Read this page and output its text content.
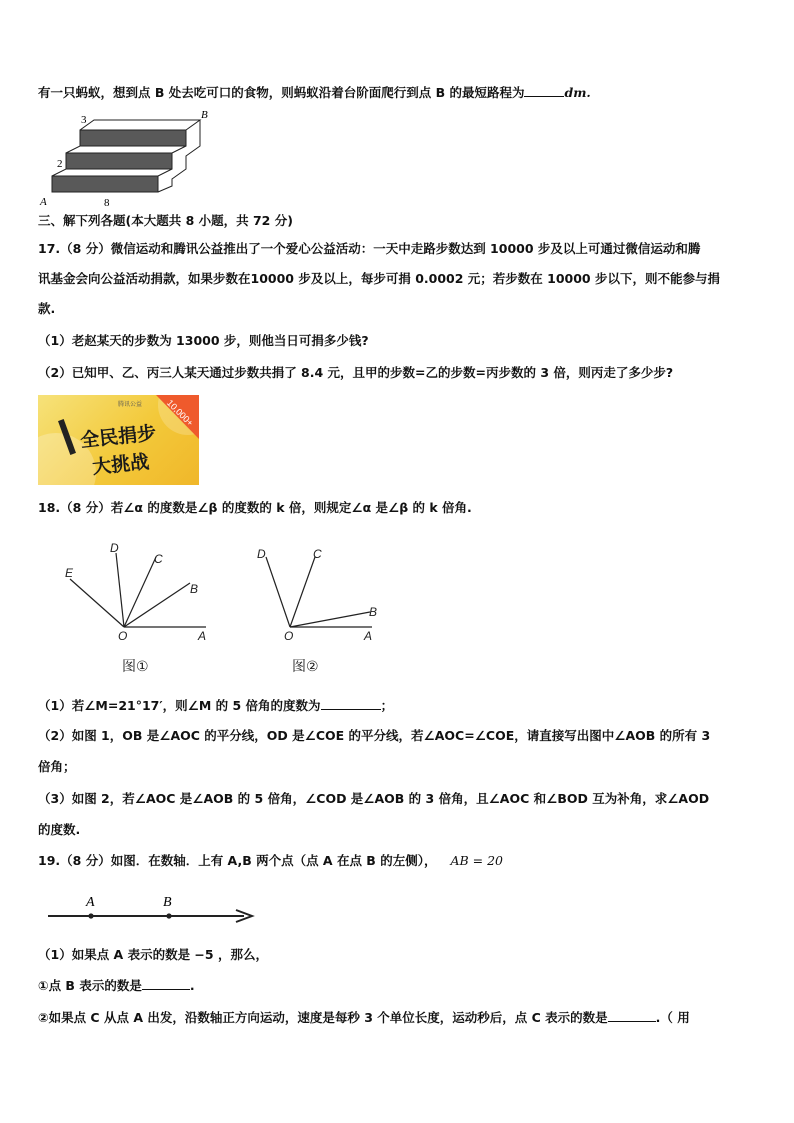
有一只蚂蚁，想到点 B 处去吃可口的食物，则蚂蚁沿着台阶面爬行到点 B 的最短路程为	dm.
3
2
A	8
B
三、解下列各题(本大题共 8 小题，共 72 分)
17.（8 分）微信运动和腾讯公益推出了一个爱心公益活动：一天中走路步数达到 10000 步及以上可通过微信运动和腾
讯基金会向公益活动捐款，如果步数在10000 步及以上，每步可捐 0.0002 元；若步数在 10000 步以下，则不能参与捐
款.
（1）老赵某天的步数为 13000 步，则他当日可捐多少钱?
（2）已知甲、乙、丙三人某天通过步数共捐了 8.4 元，且甲的步数=乙的步数=丙步数的 3 倍，则丙走了多少步?
10,000+
腾讯公益
全民捐步
大挑战
18.（8 分）若∠α 的度数是∠β 的度数的 k 倍，则规定∠α 是∠β 的 k 倍角.
E
D
C
B
O	A
图①
D	C
B
O	A
图②
（1）若∠M=21°17′，则∠M 的 5 倍角的度数为	；
（2）如图 1，OB 是∠AOC 的平分线，OD 是∠COE 的平分线，若∠AOC=∠COE，请直接写出图中∠AOB 的所有 3
倍角；
（3）如图 2，若∠AOC 是∠AOB 的 5 倍角，∠COD 是∠AOB 的 3 倍角，且∠AOC 和∠BOD 互为补角，求∠AOD
的度数.
19.（8 分）如图．在数轴．上有 A,B 两个点（点 A 在点 B 的左侧）， AB = 20
A	B
（1）如果点 A 表示的数是 −5 ，那么，
①点 B 表示的数是	.
②如果点 C 从点 A 出发，沿数轴正方向运动，速度是每秒 3 个单位长度，运动秒后，点 C 表示的数是	.（ 用
